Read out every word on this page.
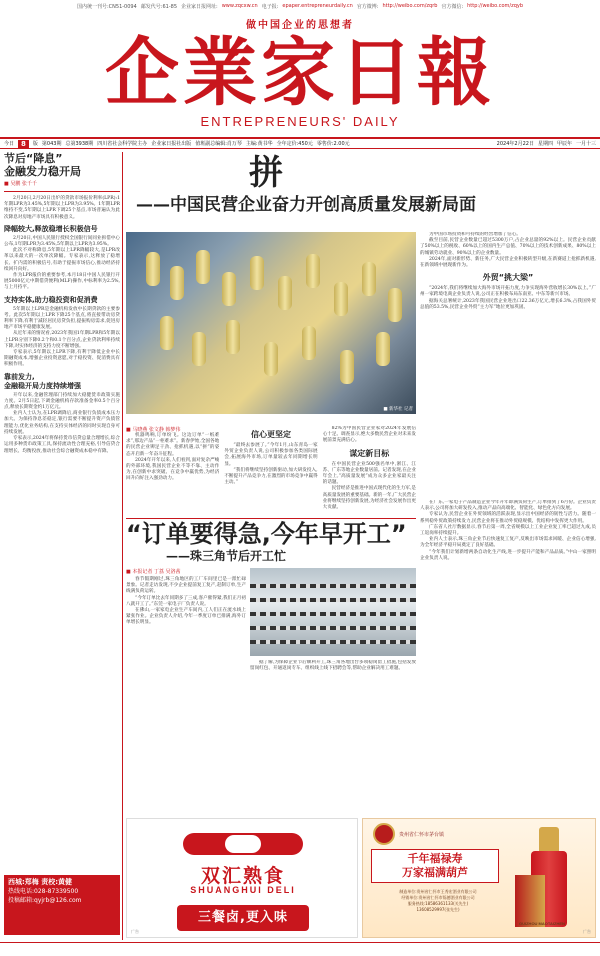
国内统一刊号:CN51-0094 邮发代号:61-85 企业家日报网址: www.zqcxw.cn 电子报: epaper.entrepreneurdaily.cn 官方微博: http://weibo.com/zqrb 官方微信: http://weibo.com/zqyb
做中国企业的思想者
企業家日報
ENTREPRENEURS' DAILY
今日	8	版 第043期 总第3938期 四川省社会科学院主办 企业家日报社出版 值班副总编辑:肖万琴 主编:黄书华 全年定价:450元 零售价:2.00元	2024年2月22日 星期四 甲辰年 一月十三
节后“降息”
金融发力稳开局
■ 吴鹏 张千千

2月20日,2月20日出炉的贷款市场报价利率(LPR):1年期LPR为3.45%,5年期以上LPR为3.95%。1年期LPR维持不变,5年期以上LPR下调25个基点,市场普遍认为此次降息对房地产市场具有积极意义。

降幅较大,释放稳增长积极信号

2月20日,中国人民银行授权全国银行间同业拆借中心公布,1年期LPR为3.45%,5年期以上LPR为3.95%。

此次不对称降息,5年期以上LPR降幅较大,是LPR改革以来最大的一次单次降幅。专家表示,这释放了稳增长、扩内需的积极信号,有助于提振市场信心,推动经济持续回升向好。

作为LPR报价的重要参考,本月18日中国人民银行开展5000亿元中期借贷便利(MLF)操作,中标利率为2.5%,与上月持平。

支持实体,助力稳投资和促消费

5年期以上LPR是金融机构发放中长期贷款的主要参考。此次5年期以上LPR下降25个基点,将直接带动房贷利率下降,有利于减轻居民房贷负担,提振购房需求,促进房地产市场平稳健康发展。

从近年来的情况看,2023年我国1年期LPR和5年期以上LPR分别下降0.2个和0.1个百分点,企业贷款利率持续下降,对实体经济的支持力度不断增强。

专家表示,5年期以上LPR下降,有利于降低企业中长期融资成本,增强企业投资意愿,对于稳投资、促消费具有积极作用。

靠前发力,
金融稳开局力度持续增强

开年以来,金融管理部门持续加大稳健货币政策实施力度。2月5日起,下调金融机构存款准备金率0.5个百分点,释放长期资金约1万亿元。

业内人士认为,在LPR调降后,商业银行负债成本压力加大。为保持净息差稳定,银行需要不断提升资产负债管理能力,优化业务结构,在支持实体经济的同时实现自身可持续发展。

专家表示,2024年将保持货币信贷总量合理增长,综合运用多种货币政策工具,保持流动性合理充裕,引导信贷合理增长、均衡投放,推动社会综合融资成本稳中有降。

西城:郑梅 责校:黄健
热线电话:028-87339500
投稿邮箱:qyjrb@126.com
拼
——中国民营企业奋力开创高质量发展新局面
■ 新华社 记者
■ 马晓燕 张文静 韩梦伟

机器鸣响,订单纷飞。这边订单“一纸难求”,那边产品“一柜难求”。新春伊始,全国各地的民营企业铆足干劲、抢抓机遇,以“拼”的姿态开启新一年奋斗征程。

2024年开年以来,人们看到,面对复杂严峻的外部环境,我国民营企业不等不靠、主动作为,在创新中求突破、在竞争中赢优势,为经济回升向好注入强劲动力。

信心更坚定

“最终去参展了。”今年1月,山东青岛一家外贸企业负责人说,公司积极参加各类国际展会,拓展海外市场,订单量较去年同期增长明显。

“我们将继续坚持创新驱动,加大研发投入,不断提升产品竞争力,在激烈的市场竞争中赢得主动。”

82%为中国民营企业家对2024年发展信心十足。调查显示,绝大多数民营企业对未来发展前景充满信心。

谋定新目标

在中国民营企业500强名单中,浙江、江苏、广东等地企业数量居前。记者发现,在企业年会上,“高质量发展”成为众多企业家最关注的话题。

民营经济是推进中国式现代化的生力军,是高质量发展的重要基础。新的一年,广大民营企业将继续坚持创新发展,为经济社会发展作出更大贡献。

为中国市场投资和可持续的经营增加了信心。

截至目前,民营企业数量已超过5300万户,占企业总量的92%以上。民营企业贡献了50%以上的税收、60%以上的国内生产总值、70%以上的技术创新成果、80%以上的城镇劳动就业、90%以上的企业数量。

2024年,面对新形势、新任务,广大民营企业积极转型升级,在新赛道上抢抓新机遇,在新领域中展现新作为。

外贸“挑大梁”

“2024年,我们将继续加大海外市场开拓力度,力争实现海外营收增长30%以上。”广州一家跨境电商企业负责人说,公司正在积极布局东南亚、中东等新兴市场。

据海关总署统计,2023年我国民营企业进出口22.36万亿元,增长6.3%,占我国外贸总值的53.5%,民营企业外贸“主力军”地位更加巩固。

在广东,一家电子产品制造企业今年开年即满负荷生产,订单排到了6月份。企业负责人表示,公司将加大研发投入,推动产品向高端化、智能化、绿色化方向发展。

专家认为,民营企业在外贸领域的活跃表现,显示出中国经济的韧性与活力。随着一系列稳外贸政策持续发力,民营企业将在推动外贸稳规模、优结构中发挥更大作用。

广东省人社厅数据显示,春节后第一周,全省规模以上工业企业复工率已超过九成,员工返岗率持续提升。

业内人士表示,珠三角企业节后快速复工复产,反映出市场需求回暖、企业信心增强,为全年经济平稳开局奠定了良好基础。

“今年我们计划新增两条自动化生产线,进一步提升产能和产品品质。”中山一家照明企业负责人说。

“订单要得急,今年早开工”
——珠三角节后开工忙
■ 本报记者 丁荔 吴洛茜

春节假期刚过,珠三角地区的工厂车间里已是一派忙碌景象。记者走访发现,不少企业提前复工复产,赶制订单,生产线满负荷运转。

“今年订单比去年同期多了三成,客户催得紧,我们正月初八就开工了。”东莞一家电子厂负责人说。

在佛山,一家家电企业生产车间内,工人们正在流水线上紧张作业。企业负责人介绍,今年一季度订单已排满,海外订单增长明显。

据了解,为保障企业节后顺利开工,珠三角各地出台多项稳岗留工措施,包括发放留岗红包、开通返岗专车、组织线上线下招聘会等,帮助企业解决用工难题。

双汇熟食
SHUANGHUI DELI
三餐卤,更入味
广告
贵州省仁怀市茅台镇
千年福禄寿
万家福满葫芦
制造单位:贵州省仁怀市王秀宏酒业有限公司
经销单位:贵州省仁怀市铄德酒业有限公司
服务热线:18586361133(关先生)
13608529997(张先生)
GUIZHOU MAOTAIZHEN
广告
